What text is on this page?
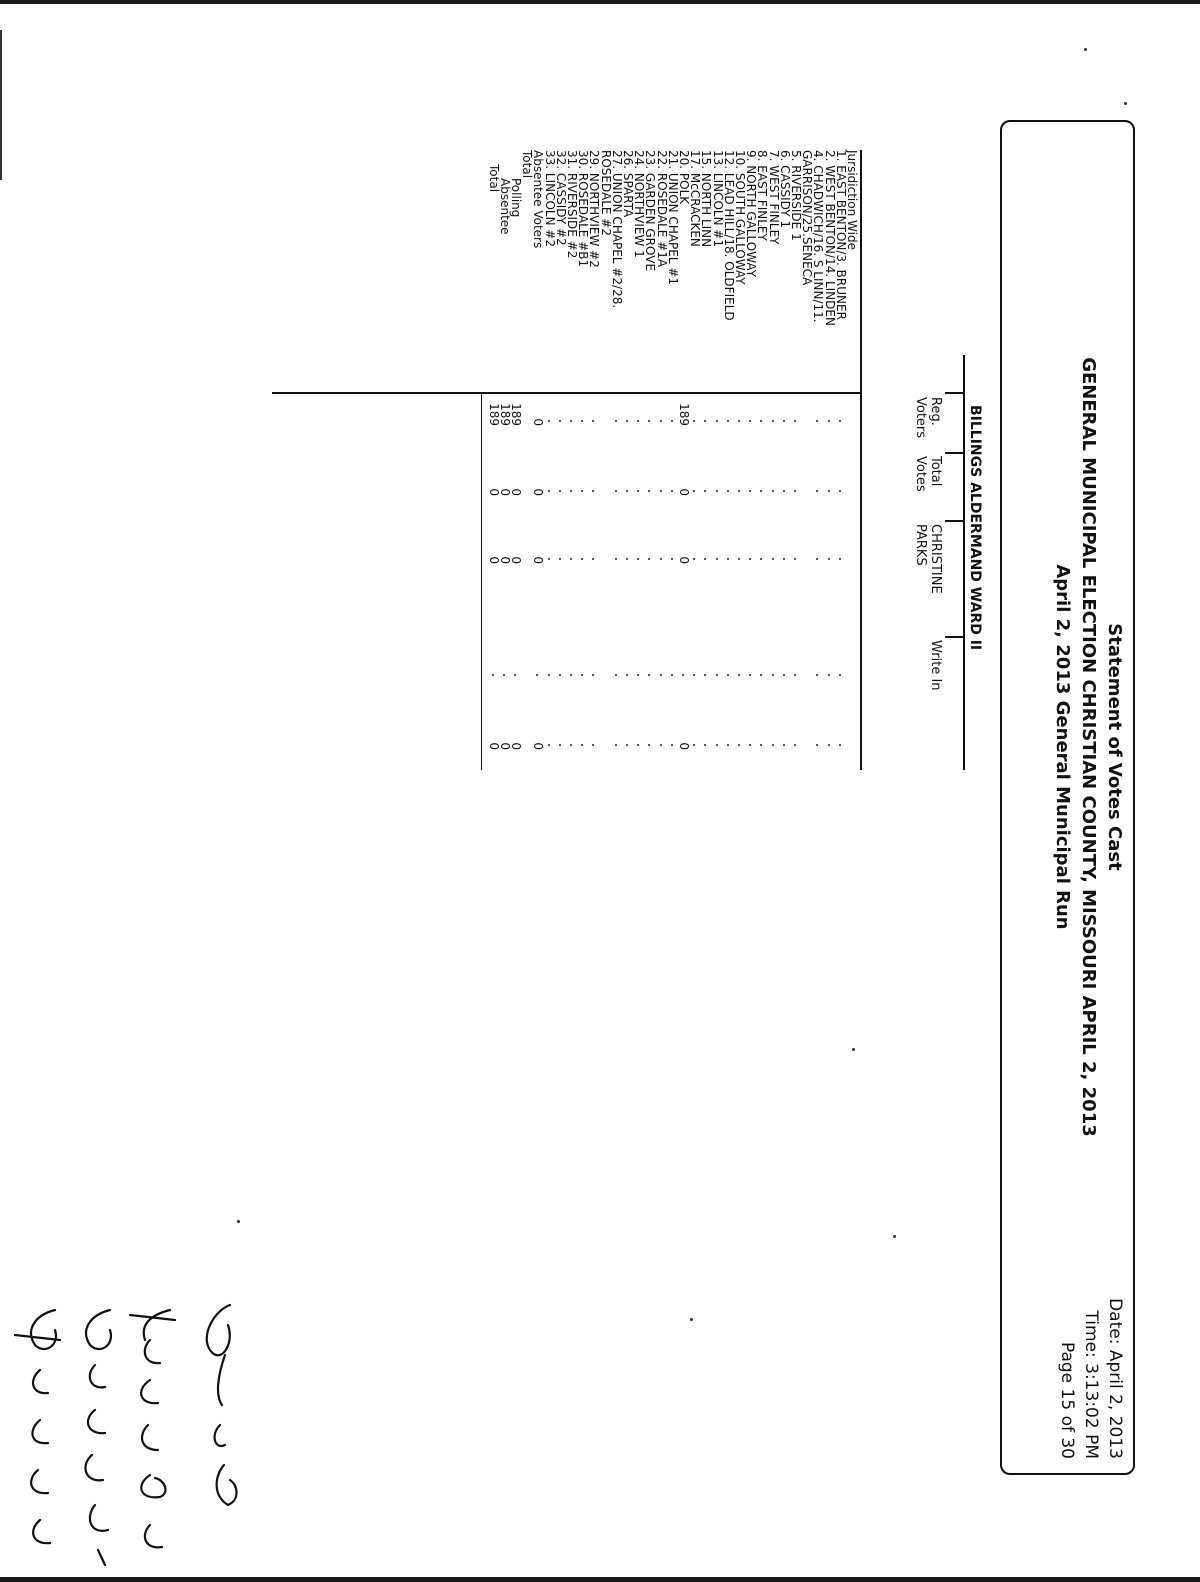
Statement of Votes Cast
GENERAL MUNICIPAL ELECTION CHRISTIAN COUNTY, MISSOURI APRIL 2, 2013
April 2, 2013 General Municipal Run
Date: April 2, 2013
Time: 3:13:02 PM
Page 15 of 30
BILLINGS ALDERMAND WARD II
Reg.
Voters
Total
Votes
CHRISTINE
PARKS
Write In
Jursidiction Wide
1. EAST BENTON/3. BRUNER
2. WEST BENTON/14. LINDEN
4. CHADWICH/16. S LINN/11.
GARRISON/25.SENECA
5. RIVERSIDE 1
6. CASSIDY 1
7. WEST FINLEY
8. EAST FINLEY
9. NORTH GALLOWAY
10. SOUTH GALLOWAY
12. LEAD HILL/18. OLDFIELD
13. LINCOLN #1
15. NORTH LINN
17. McCRACKEN
20. POLK
189
0
0
0
21. UNION CHAPEL #1
22. ROSEDALE #1A
23. GARDEN GROVE
24. NORTHVIEW 1
26. SPARTA
27. UNION CHAPEL #2/28.
ROSEDALE #2
29. NORTHVIEW #2
30. ROSEDALE #B1
31. RIVERSIDE #2
32. CASSIDY #2
33. LINCOLN #2
Absentee Voters
0
0
0
0
Total
Polling
189
0
0
0
Absentee
189
0
0
0
Total
189
0
0
0
